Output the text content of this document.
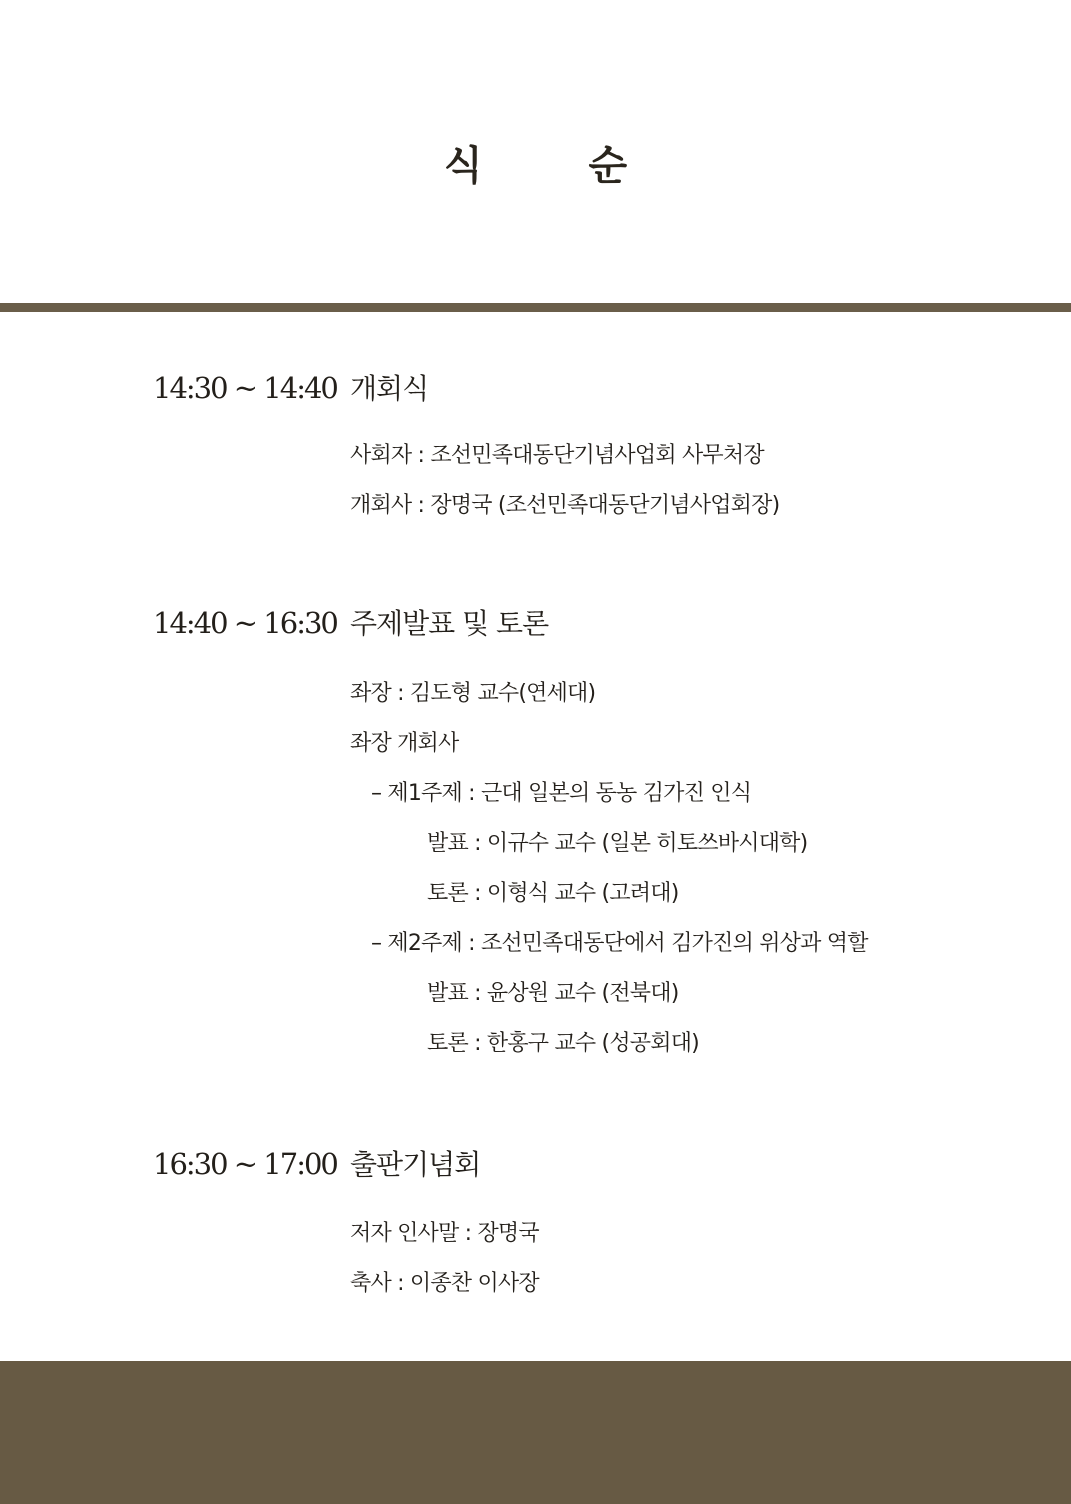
식 순
14:30 ~ 14:40 개회식
사회자 : 조선민족대동단기념사업회 사무처장
개회사 : 장명국 (조선민족대동단기념사업회장)
14:40 ~ 16:30 주제발표 및 토론
좌장 : 김도형 교수(연세대)
좌장 개회사
– 제1주제 : 근대 일본의 동농 김가진 인식
발표 : 이규수 교수 (일본 히토쓰바시대학)
토론 : 이형식 교수 (고려대)
– 제2주제 : 조선민족대동단에서 김가진의 위상과 역할
발표 : 윤상원 교수 (전북대)
토론 : 한홍구 교수 (성공회대)
16:30 ~ 17:00 출판기념회
저자 인사말 : 장명국
축사 : 이종찬 이사장
